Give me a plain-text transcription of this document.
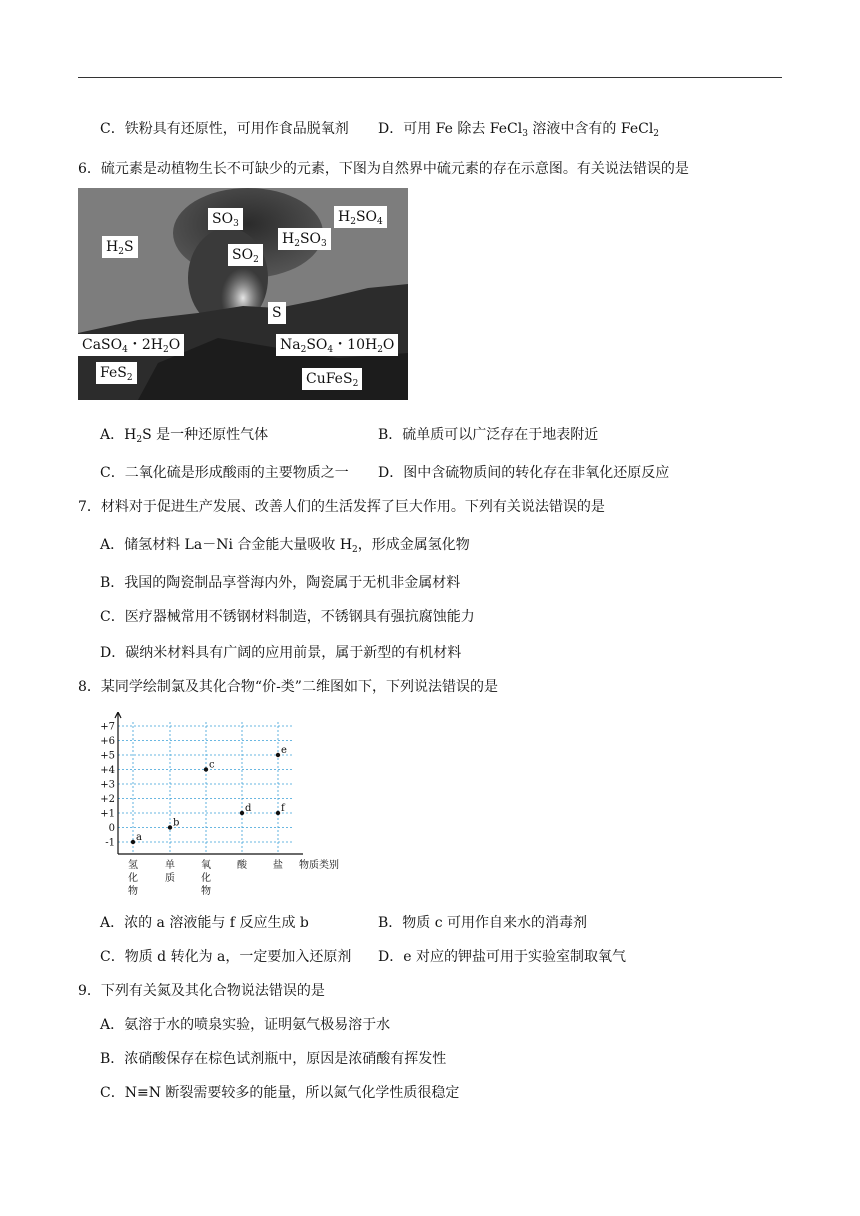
C．铁粉具有还原性，可用作食品脱氧剂 D．可用 Fe 除去 FeCl$_3$ 溶液中含有的 FeCl$_2$
6．硫元素是动植物生长不可缺少的元素，下图为自然界中硫元素的存在示意图。有关说法错误的是
$SO_3$	$H_2SO_4$
$H_2S$	$H_2SO_3$
$SO_2$
S
CaSO$_4$・$2H_2O$	$Na_2SO_4$・$10H_2O$
FeS$_2$	CuFeS$_2$
A．$H_2S$ 是一种还原性气体	B．硫单质可以广泛存在于地表附近
C．二氧化硫是形成酸雨的主要物质之一 D．图中含硫物质间的转化存在非氧化还原反应
7．材料对于促进生产发展、改善人们的生活发挥了巨大作用。下列有关说法错误的是
A．储氢材料 La－Ni 合金能大量吸收 $H_2$，形成金属氢化物
B．我国的陶瓷制品享誉海内外，陶瓷属于无机非金属材料
C．医疗器械常用不锈钢材料制造，不锈钢具有强抗腐蚀能力
D．碳纳米材料具有广阔的应用前景，属于新型的有机材料
8．某同学绘制氯及其化合物“价-类”二维图如下，下列说法错误的是
+7
+6
+5
+4
+3
+2
+1
0
-1
氢
化
物
单
质
氧
化
物
酸	盐 物质类别
a
b
c
d
e
f
A．浓的 a 溶液能与 f 反应生成 b	B．物质 c 可用作自来水的消毒剂
C．物质 d 转化为 a，一定要加入还原剂 D．e 对应的钾盐可用于实验室制取氧气
9．下列有关氮及其化合物说法错误的是
A．氨溶于水的喷泉实验，证明氨气极易溶于水
B．浓硝酸保存在棕色试剂瓶中，原因是浓硝酸有挥发性
C．N≡N 断裂需要较多的能量，所以氮气化学性质很稳定
